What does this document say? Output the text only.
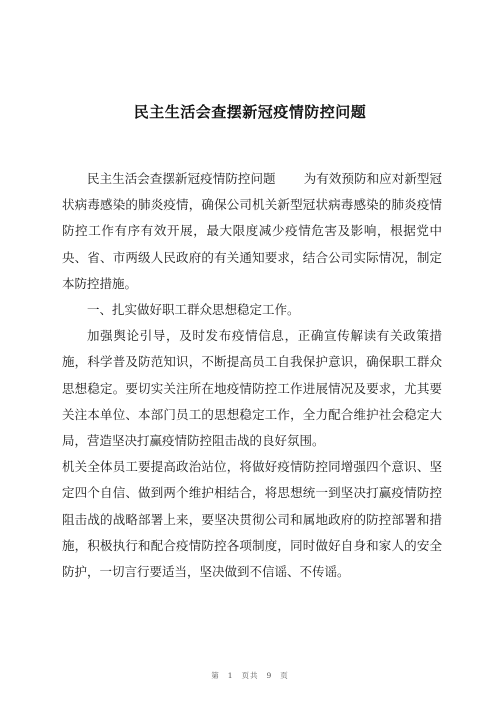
民主生活会查摆新冠疫情防控问题

民主生活会查摆新冠疫情防控问题 为有效预防和应对新型冠状病毒感染的肺炎疫情，确保公司机关新型冠状病毒感染的肺炎疫情防控工作有序有效开展，最大限度减少疫情危害及影响，根据党中央、省、市两级人民政府的有关通知要求，结合公司实际情况，制定本防控措施。

一、扎实做好职工群众思想稳定工作。

加强舆论引导，及时发布疫情信息，正确宣传解读有关政策措施，科学普及防范知识，不断提高员工自我保护意识，确保职工群众思想稳定。要切实关注所在地疫情防控工作进展情况及要求，尤其要关注本单位、本部门员工的思想稳定工作，全力配合维护社会稳定大局，营造坚决打赢疫情防控阻击战的良好氛围。

机关全体员工要提高政治站位，将做好疫情防控同增强四个意识、坚定四个自信、做到两个维护相结合，将思想统一到坚决打赢疫情防控阻击战的战略部署上来，要坚决贯彻公司和属地政府的防控部署和措施，积极执行和配合疫情防控各项制度，同时做好自身和家人的安全防护，一切言行要适当，坚决做到不信谣、不传谣。

第 1 页共 9 页
